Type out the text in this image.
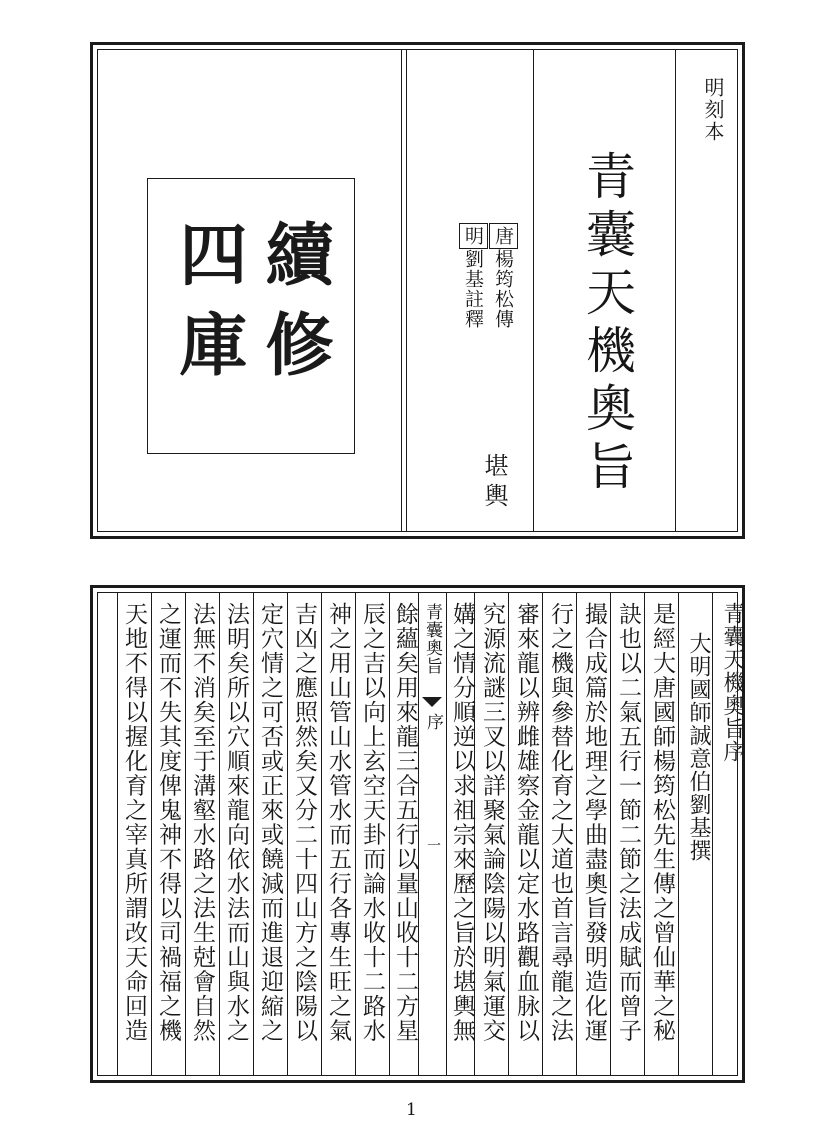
續修
四庫	唐楊筠松傳
明劉基註釋
堪輿 青囊天機奧旨
明刻本
青囊天機奧旨序
大明國師誠意伯劉基撰
是經大唐國師楊筠松先生傳之曾仙華之秘
訣也以二氣五行一節二節之法成賦而曾子
撮合成篇於地理之學曲盡奧旨發明造化運
行之機與參替化育之大道也首言尋龍之法
審來龍以辨雌雄察金龍以定水路觀血脉以
究源流謎三叉以詳聚氣論陰陽以明氣運交
媾之情分順逆以求祖宗來歷之旨於堪輿無
青囊奧旨
序
一
餘蘊矣用來龍三合五行以量山收十二方星
辰之吉以向上玄空天卦而論水收十二路水
神之用山管山水管水而五行各專生旺之氣
吉凶之應照然矣又分二十四山方之陰陽以
定穴情之可否或正來或饒減而進退迎縮之
法明矣所以穴順來龍向依水法而山與水之
法無不消矣至于溝壑水路之法生尅會自然
之運而不失其度俾鬼神不得以司禍福之機
天地不得以握化育之宰真所謂改天命回造
1
